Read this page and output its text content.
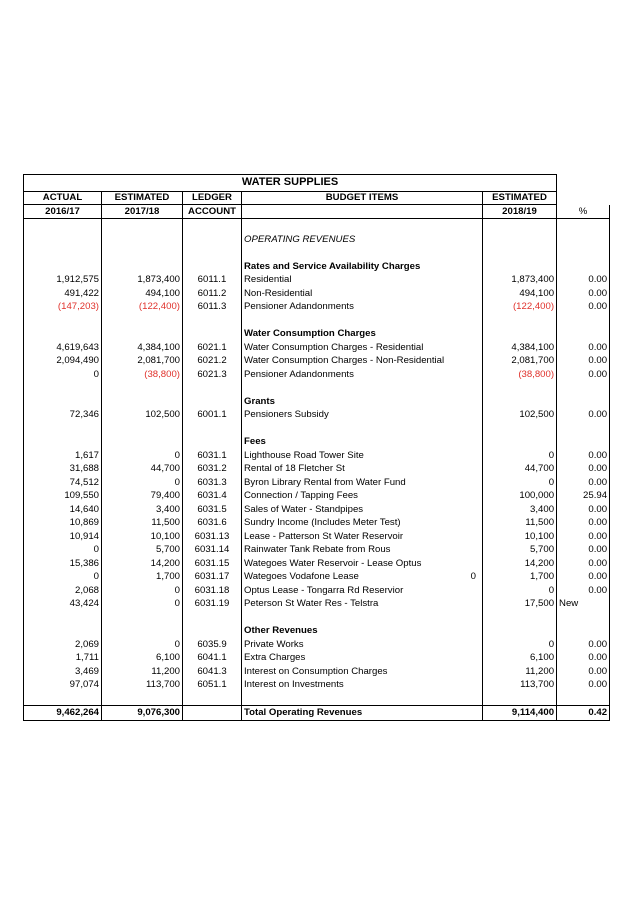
WATER SUPPLIES					
ACTUAL	ESTIMATED	LEDGER	BUDGET ITEMS	ESTIMATED	
2016/17	2017/18	ACCOUNT		2018/19	%

			OPERATING REVENUES		

			Rates and Service Availability Charges		
1,912,575	1,873,400	6011.1	Residential	1,873,400	0.00
491,422	494,100	6011.2	Non-Residential	494,100	0.00
(147,203)	(122,400)	6011.3	Pensioner Adandonments	(122,400)	0.00

			Water Consumption Charges		
4,619,643	4,384,100	6021.1	Water Consumption Charges - Residential	4,384,100	0.00
2,094,490	2,081,700	6021.2	Water Consumption Charges - Non-Residential	2,081,700	0.00
0	(38,800)	6021.3	Pensioner Adandonments	(38,800)	0.00

			Grants		
72,346	102,500	6001.1	Pensioners Subsidy	102,500	0.00

			Fees		
1,617	0	6031.1	Lighthouse Road Tower Site	0	0.00
31,688	44,700	6031.2	Rental of 18 Fletcher St	44,700	0.00
74,512	0	6031.3	Byron Library Rental from Water Fund	0	0.00
109,550	79,400	6031.4	Connection / Tapping Fees	100,000	25.94
14,640	3,400	6031.5	Sales of Water - Standpipes	3,400	0.00
10,869	11,500	6031.6	Sundry Income (Includes Meter Test)	11,500	0.00
10,914	10,100	6031.13	Lease - Patterson St Water Reservoir	10,100	0.00
0	5,700	6031.14	Rainwater Tank Rebate from Rous	5,700	0.00
15,386	14,200	6031.15	Wategoes Water Reservoir - Lease Optus	14,200	0.00
0	1,700	6031.17	Wategoes Vodafone Lease 0	1,700	0.00
2,068	0	6031.18	Optus Lease - Tongarra Rd Reservior	0	0.00
43,424	0	6031.19	Peterson St Water Res - Telstra	17,500	New

			Other Revenues		
2,069	0	6035.9	Private Works	0	0.00
1,711	6,100	6041.1	Extra Charges	6,100	0.00
3,469	11,200	6041.3	Interest on Consumption Charges	11,200	0.00
97,074	113,700	6051.1	Interest on Investments	113,700	0.00

9,462,264	9,076,300		Total Operating Revenues	9,114,400	0.42
